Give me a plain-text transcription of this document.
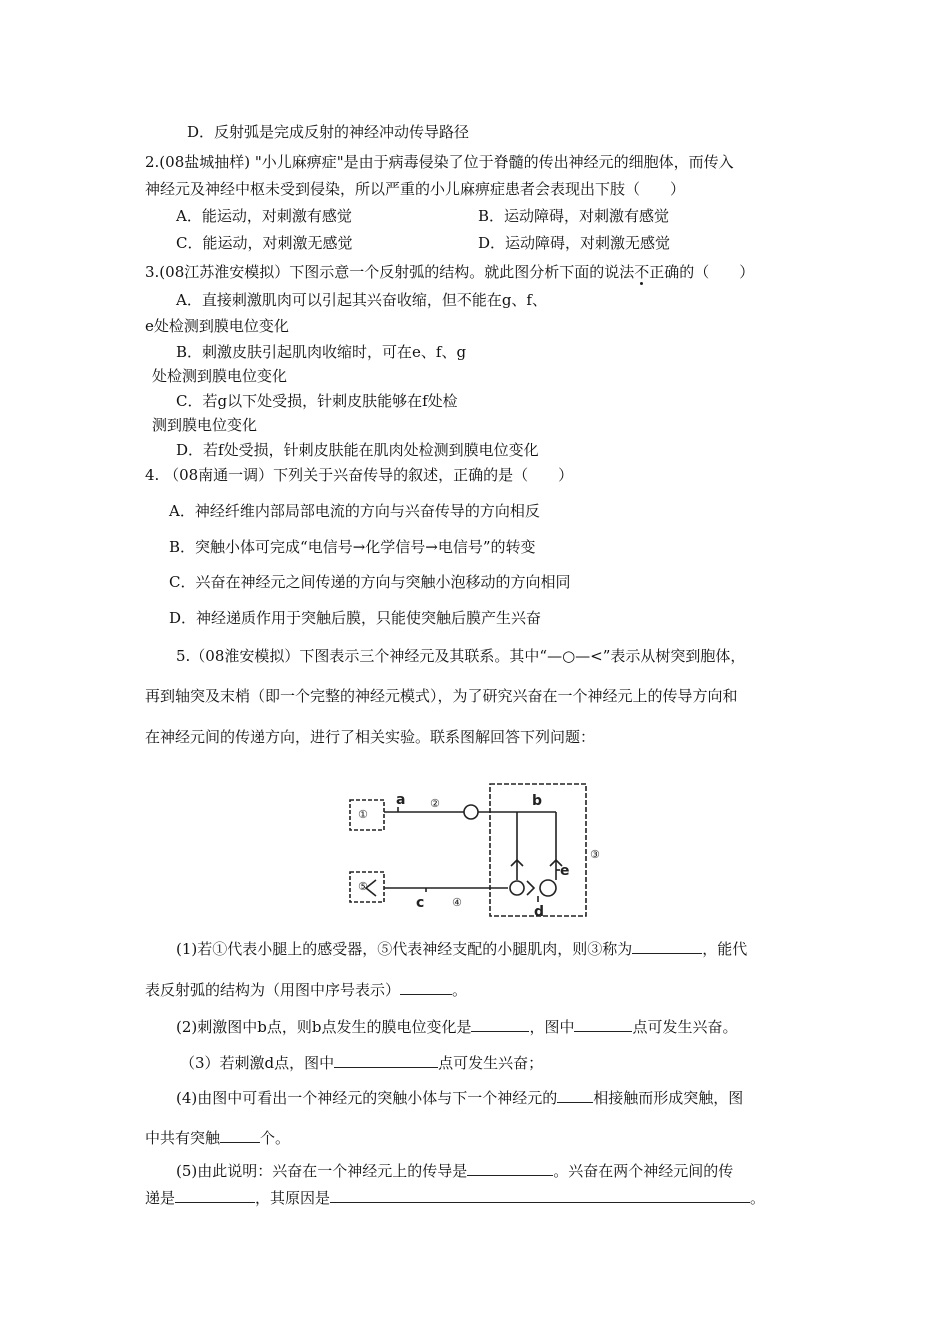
D．反射弧是完成反射的神经冲动传导路径
2.(08盐城抽样) "小儿麻痹症"是由于病毒侵染了位于脊髓的传出神经元的细胞体，而传入
神经元及神经中枢未受到侵染，所以严重的小儿麻痹症患者会表现出下肢（　　）
A．能运动，对刺激有感觉	B．运动障碍，对刺激有感觉
C．能运动，对刺激无感觉	D．运动障碍，对刺激无感觉
3.(08江苏淮安模拟）下图示意一个反射弧的结构。就此图分析下面的说法不正确的（　　）
A．直接刺激肌肉可以引起其兴奋收缩，但不能在g、f、
e处检测到膜电位变化
B．刺激皮肤引起肌肉收缩时，可在e、f、g
处检测到膜电位变化
C．若g以下处受损，针刺皮肤能够在f处检
测到膜电位变化
D．若f处受损，针刺皮肤能在肌肉处检测到膜电位变化
4. （08南通一调）下列关于兴奋传导的叙述，正确的是（　　）
A．神经纤维内部局部电流的方向与兴奋传导的方向相反
B．突触小体可完成“电信号→化学信号→电信号”的转变
C．兴奋在神经元之间传递的方向与突触小泡移动的方向相同
D．神经递质作用于突触后膜，只能使突触后膜产生兴奋
5.（08淮安模拟）下图表示三个神经元及其联系。其中“—○—<”表示从树突到胞体，
再到轴突及末梢（即一个完整的神经元模式），为了研究兴奋在一个神经元上的传导方向和
在神经元间的传递方向，进行了相关实验。联系图解回答下列问题：
①
⑤
②
④
③
a	b
c
d
e
(1)若①代表小腿上的感受器，⑤代表神经支配的小腿肌肉，则③称为	，能代
表反射弧的结构为（用图中序号表示）	。
(2)刺激图中b点，则b点发生的膜电位变化是	，图中	点可发生兴奋。
（3）若刺激d点，图中	点可发生兴奋；
(4)由图中可看出一个神经元的突触小体与下一个神经元的 相接触而形成突触，图
中共有突触	个。
(5)由此说明：兴奋在一个神经元上的传导是	。兴奋在两个神经元间的传
递是	，其原因是	。
